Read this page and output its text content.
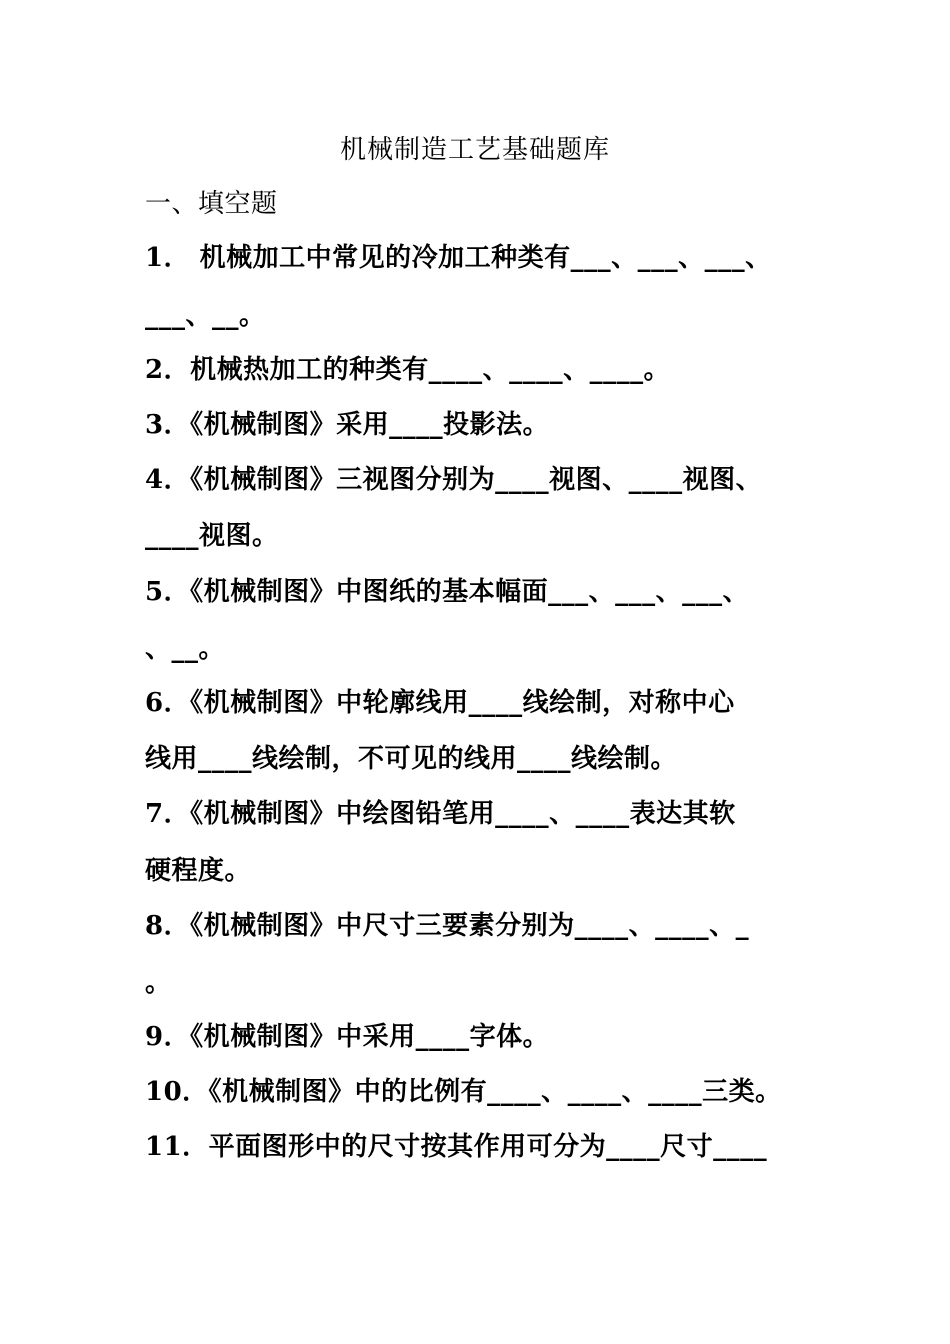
机械制造工艺基础题库
一、填空题
1． 机械加工中常见的冷加工种类有___、___、___、
___、__。
2．机械热加工的种类有____、____、____。
3．《机械制图》采用____投影法。
4．《机械制图》三视图分别为____视图、____视图、
____视图。
5．《机械制图》中图纸的基本幅面___、___、___、
、__。
6．《机械制图》中轮廓线用____线绘制，对称中心
线用____线绘制，不可见的线用____线绘制。
7．《机械制图》中绘图铅笔用____、____表达其软
硬程度。
8．《机械制图》中尺寸三要素分别为____、____、_
。
9．《机械制图》中采用____字体。
10．《机械制图》中的比例有____、____、____三类。
11．平面图形中的尺寸按其作用可分为____尺寸____
